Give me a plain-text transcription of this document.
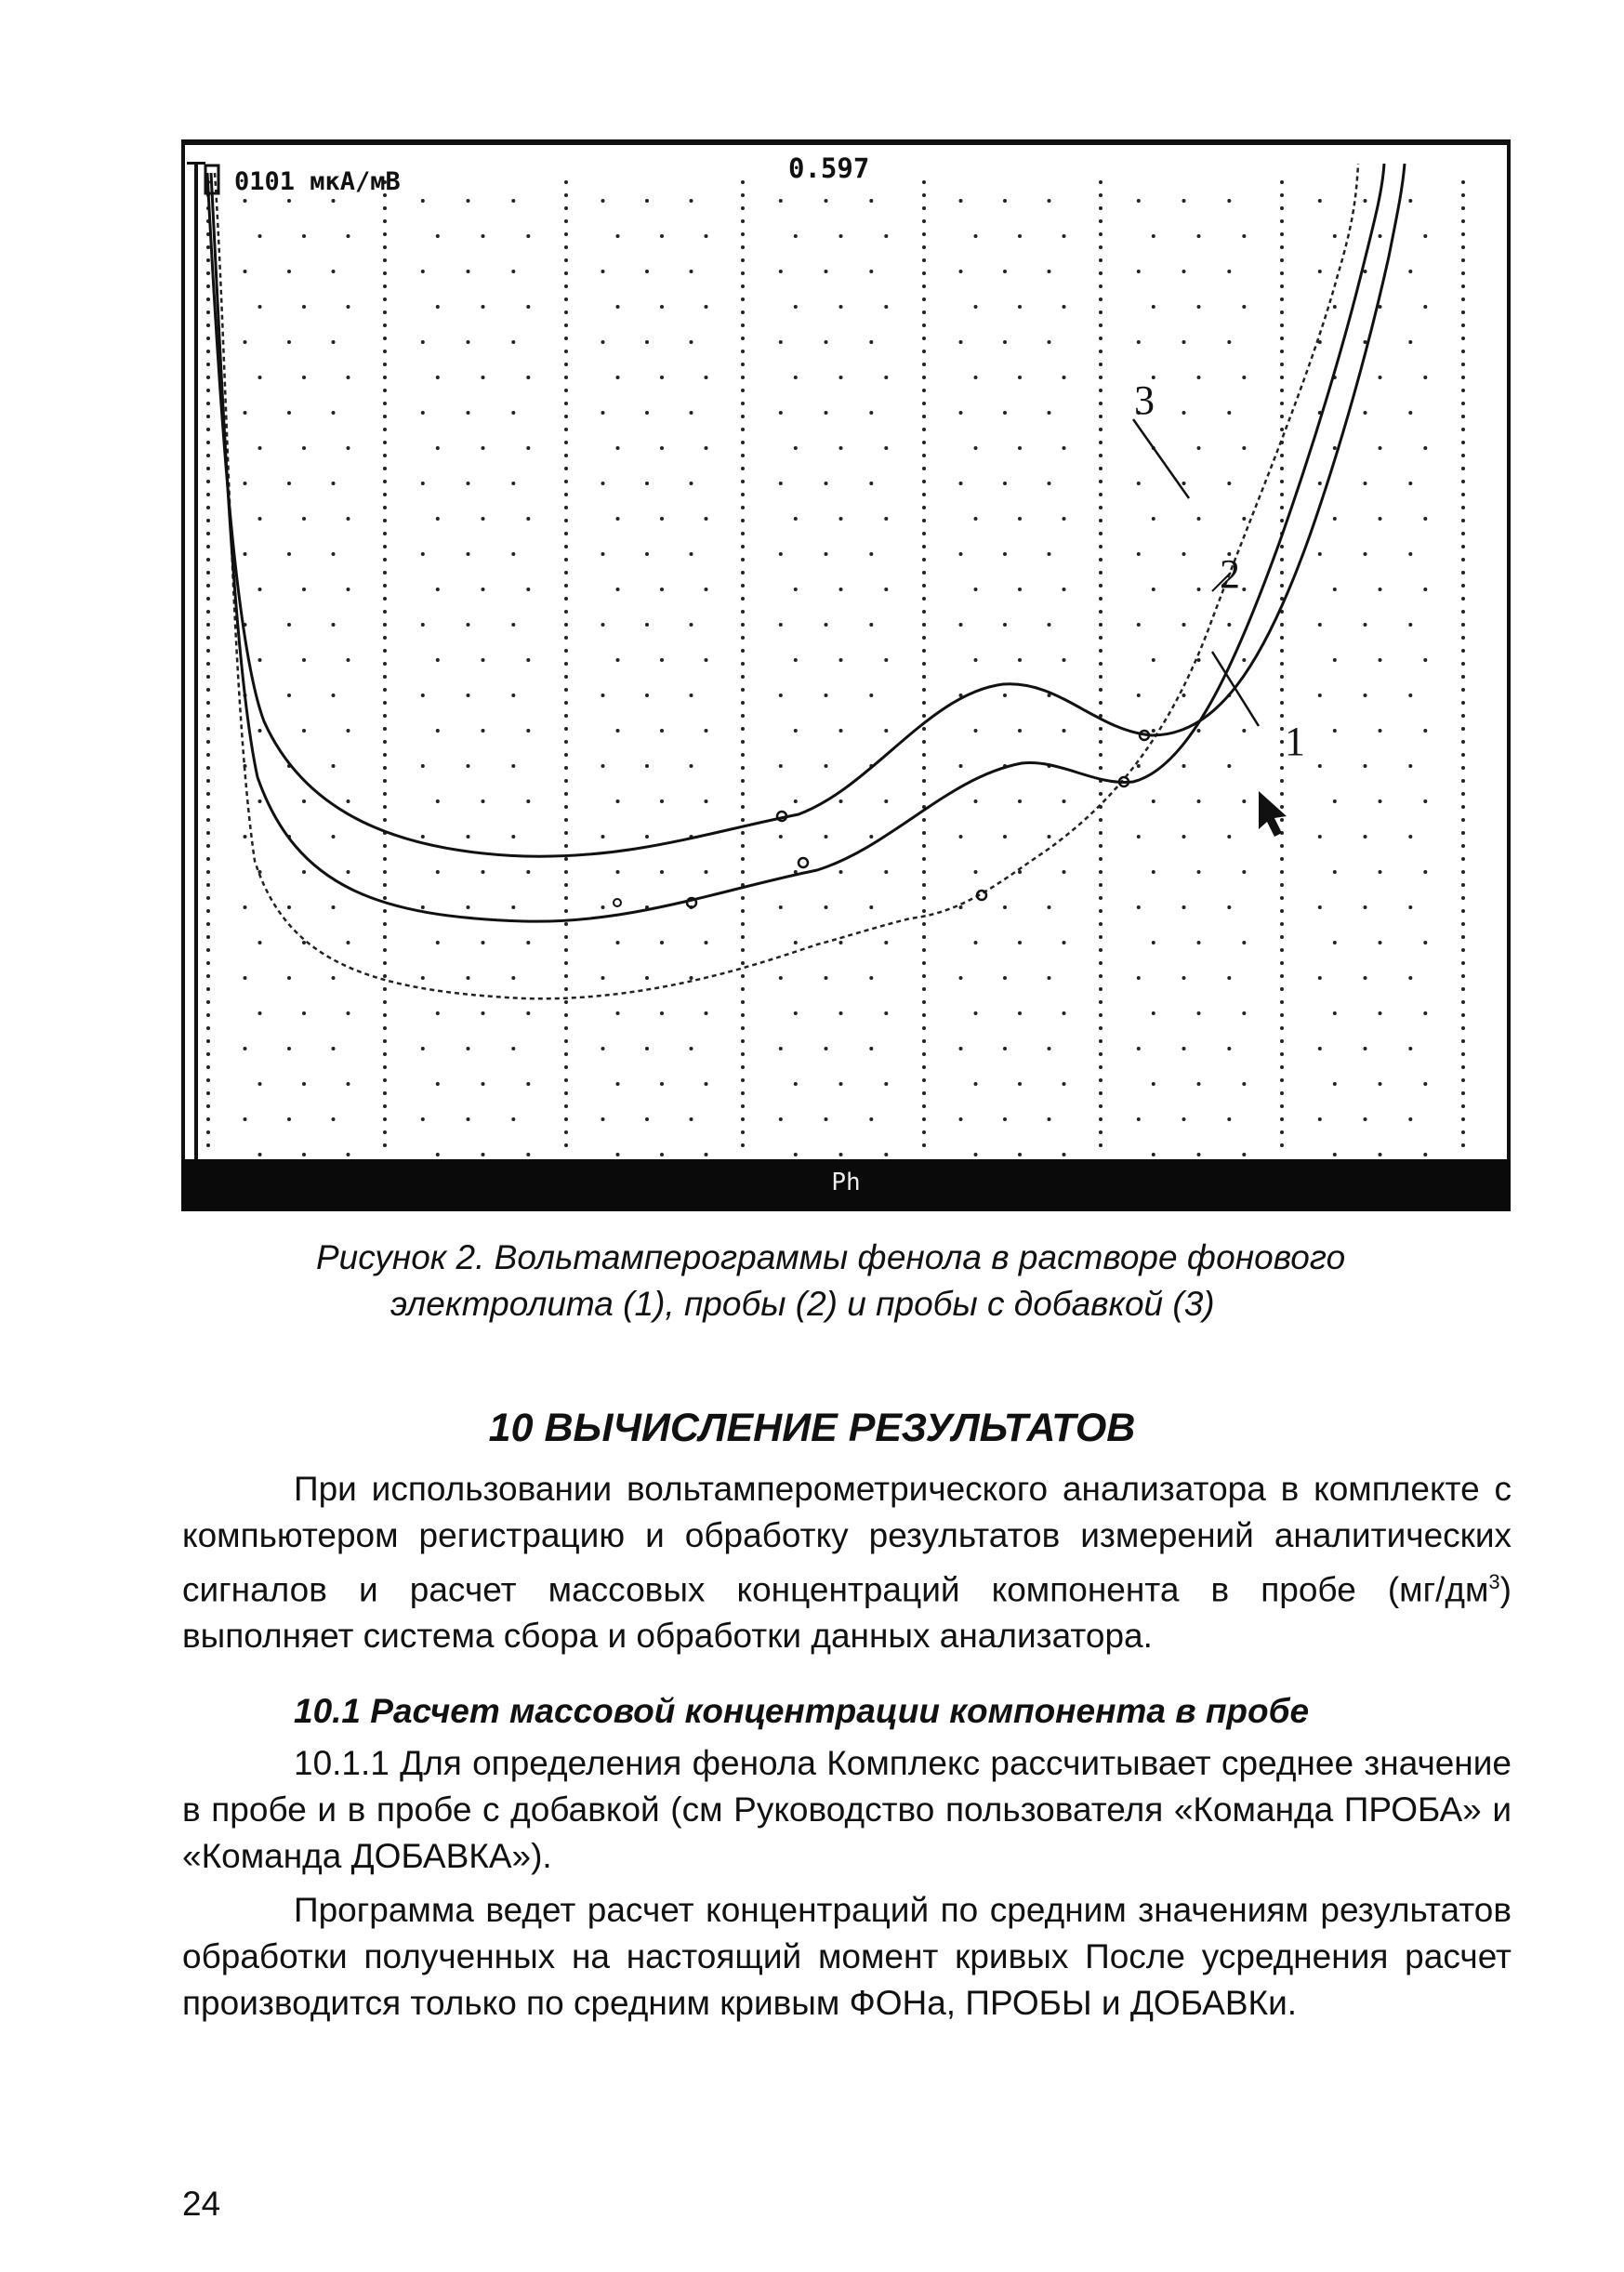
0101 мкА/мВ	0.597
3
2
1
Ph
Рисунок 2. Вольтамперограммы фенола в растворе фонового
электролита (1), пробы (2) и пробы с добавкой (3)
10 ВЫЧИСЛЕНИЕ РЕЗУЛЬТАТОВ

При использовании вольтамперометрического анализатора в комплекте с компьютером регистрацию и обработку результатов измерений аналитических сигналов и расчет массовых концентраций компонента в пробе $(мг/дм^3)$ выполняет система сбора и обработки данных анализатора.

10.1 Расчет массовой концентрации компонента в пробе

10.1.1 Для определения фенола Комплекс рассчитывает среднее значение в пробе и в пробе с добавкой (см Руководство пользователя «Команда ПРОБА» и «Команда ДОБАВКА»).

Программа ведет расчет концентраций по средним значениям результатов обработки полученных на настоящий момент кривых После усреднения расчет производится только по средним кривым ФОНа, ПРОБЫ и ДОБАВКи.

24
